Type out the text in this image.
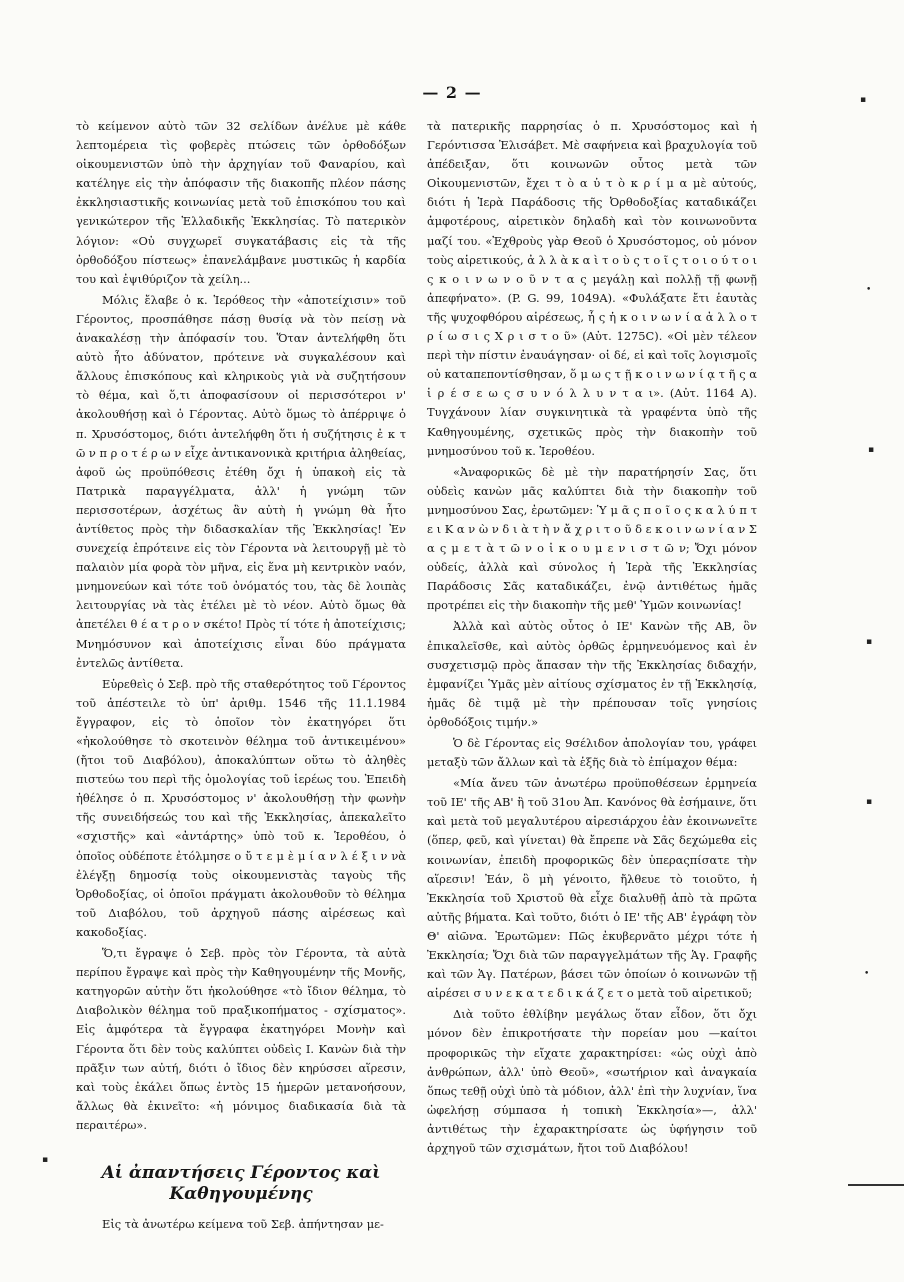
— 2 —

τὸ κείμενον αὐτὸ τῶν 32 σελίδων ἀνέλυε μὲ κάθε λεπτομέρεια τὶς φοβερὲς πτώσεις τῶν ὀρθοδόξων οἰκουμενιστῶν ὑπὸ τὴν ἀρχηγίαν τοῦ Φαναρίου, καὶ κατέληγε εἰς τὴν ἀπόφασιν τῆς διακοπῆς πλέον πάσης ἐκκλησιαστικῆς κοινωνίας μετὰ τοῦ ἐπισκόπου του καὶ γενικώτερον τῆς Ἑλλαδικῆς Ἐκκλησίας. Τὸ πατερικὸν λόγιον: «Οὐ συγχωρεῖ συγκατάβασις εἰς τὰ τῆς ὀρθοδόξου πίστεως» ἐπανελάμβανε μυστικῶς ἡ καρδία του καὶ ἐψιθύριζον τὰ χείλη...

Μόλις ἔλαβε ὁ κ. Ἱερόθεος τὴν «ἀποτείχισιν» τοῦ Γέροντος, προσπάθησε πάσῃ θυσίᾳ νὰ τὸν πείσῃ νὰ ἀνακαλέσῃ τὴν ἀπόφασίν του. Ὅταν ἀντελήφθη ὅτι αὐτὸ ἦτο ἀδύνατον, πρότεινε νὰ συγκαλέσουν καὶ ἄλλους ἐπισκόπους καὶ κληρικοὺς γιὰ νὰ συζητήσουν τὸ θέμα, καὶ ὅ,τι ἀποφασίσουν οἱ περισσότεροι ν' ἀκολουθήσῃ καὶ ὁ Γέροντας. Αὐτὸ ὅμως τὸ ἀπέρριψε ὁ π. Χρυσόστομος, διότι ἀντελήφθη ὅτι ἡ συζήτησις ἐ κ τ ῶ ν π ρ ο τ έ ρ ω ν εἶχε ἀντικανονικὰ κριτήρια ἀληθείας, ἀφοῦ ὡς προϋπόθεσις ἐτέθη ὄχι ἡ ὑπακοὴ εἰς τὰ Πατρικὰ παραγγέλματα, ἀλλ' ἡ γνώμη τῶν περισσοτέρων, ἀσχέτως ἂν αὐτὴ ἡ γνώμη θὰ ἦτο ἀντίθετος πρὸς τὴν διδασκαλίαν τῆς Ἐκκλησίας! Ἐν συνεχείᾳ ἐπρότεινε εἰς τὸν Γέροντα νὰ λειτουργῇ μὲ τὸ παλαιὸν μία φορὰ τὸν μῆνα, εἰς ἕνα μὴ κεντρικὸν ναόν, μνημονεύων καὶ τότε τοῦ ὀνόματός του, τὰς δὲ λοιπὰς λειτουργίας νὰ τὰς ἐτέλει μὲ τὸ νέον. Αὐτὸ ὅμως θὰ ἀπετέλει θ έ α τ ρ ο ν σκέτο! Πρὸς τί τότε ἡ ἀποτείχισις; Μνημόσυνον καὶ ἀποτείχισις εἶναι δύο πράγματα ἐντελῶς ἀντίθετα.

Εὑρεθεὶς ὁ Σεβ. πρὸ τῆς σταθερότητος τοῦ Γέροντος τοῦ ἀπέστειλε τὸ ὑπ' ἀριθμ. 1546 τῆς 11.1.1984 ἔγγραφον, εἰς τὸ ὁποῖον τὸν ἐκατηγόρει ὅτι «ἠκολούθησε τὸ σκοτεινὸν θέλημα τοῦ ἀντικειμένου» (ἤτοι τοῦ Διαβόλου), ἀποκαλύπτων οὕτω τὸ ἀληθὲς πιστεύω του περὶ τῆς ὁμολογίας τοῦ ἱερέως του. Ἐπειδὴ ἠθέλησε ὁ π. Χρυσόστομος ν' ἀκολουθήσῃ τὴν φωνὴν τῆς συνειδήσεώς του καὶ τῆς Ἐκκλησίας, ἀπεκαλεῖτο «σχιστῆς» καὶ «ἀντάρτης» ὑπὸ τοῦ κ. Ἱεροθέου, ὁ ὁποῖος οὐδέποτε ἐτόλμησε ο ὔ τ ε μ ὲ μ ί α ν λ έ ξ ι ν νὰ ἐλέγξῃ δημοσίᾳ τοὺς οἰκουμενιστὰς ταγοὺς τῆς Ὀρθοδοξίας, οἱ ὁποῖοι πράγματι ἀκολουθοῦν τὸ θέλημα τοῦ Διαβόλου, τοῦ ἀρχηγοῦ πάσης αἱρέσεως καὶ κακοδοξίας.

Ὅ,τι ἔγραψε ὁ Σεβ. πρὸς τὸν Γέροντα, τὰ αὐτὰ περίπου ἔγραψε καὶ πρὸς τὴν Καθηγουμένην τῆς Μονῆς, κατηγορῶν αὐτὴν ὅτι ἠκολούθησε «τὸ ἴδιον θέλημα, τὸ Διαβολικὸν θέλημα τοῦ πραξικοπήματος - σχίσματος». Εἰς ἀμφότερα τὰ ἔγγραφα ἐκατηγόρει Μονὴν καὶ Γέροντα ὅτι δὲν τοὺς καλύπτει οὐδεὶς Ι. Κανὼν διὰ τὴν πρᾶξιν των αὐτή, διότι ὁ ἴδιος δὲν κηρύσσει αἵρεσιν, καὶ τοὺς ἐκάλει ὅπως ἐντὸς 15 ἡμερῶν μετανοήσουν, ἄλλως θὰ ἐκινεῖτο: «ἡ μόνιμος διαδικασία διὰ τὰ περαιτέρω».

Αἱ ἀπαντήσεις Γέροντος καὶ
Καθηγουμένης

Εἰς τὰ ἀνωτέρω κείμενα τοῦ Σεβ. ἀπήντησαν με-

τὰ πατερικῆς παρρησίας ὁ π. Χρυσόστομος καὶ ἡ Γερόντισσα Ἐλισάβετ. Μὲ σαφήνεια καὶ βραχυλογία τοῦ ἀπέδειξαν, ὅτι κοινωνῶν οὗτος μετὰ τῶν Οἰκουμενιστῶν, ἔχει τ ὸ α ὐ τ ὸ κ ρ ί μ α μὲ αὐτούς, διότι ἡ Ἱερὰ Παράδοσις τῆς Ὀρθοδοξίας καταδικάζει ἀμφοτέρους, αἱρετικὸν δηλαδὴ καὶ τὸν κοινωνοῦντα μαζί του. «Ἐχθροὺς γὰρ Θεοῦ ὁ Χρυσόστομος, οὐ μόνον τοὺς αἱρετικούς, ἀ λ λ ὰ κ α ὶ τ ο ὺ ς τ ο ῖ ς τ ο ι ο ύ τ ο ι ς κ ο ι ν ω ν ο ῦ ν τ α ς μεγάλῃ καὶ πολλῇ τῇ φωνῇ ἀπεφήνατο». (P. G. 99, 1049A). «Φυλάξατε ἔτι ἑαυτὰς τῆς ψυχοφθόρου αἱρέσεως, ἧ ς ἡ κ ο ι ν ω ν ί α ἀ λ λ ο τ ρ ί ω σ ι ς Χ ρ ι σ τ ο ῦ» (Αὐτ. 1275C). «Οἱ μὲν τέλεον περὶ τὴν πίστιν ἐναυάγησαν· οἱ δέ, εἰ καὶ τοῖς λογισμοῖς οὐ καταπεποντίσθησαν, ὅ μ ω ς τ ῇ κ ο ι ν ω ν ί ᾳ τ ῆ ς α ἱ ρ έ σ ε ω ς σ υ ν ό λ λ υ ν τ α ι». (Αὐτ. 1164 Α). Τυγχάνουν λίαν συγκινητικὰ τὰ γραφέντα ὑπὸ τῆς Καθηγουμένης, σχετικῶς πρὸς τὴν διακοπὴν τοῦ μνημοσύνου τοῦ κ. Ἱεροθέου.

«Ἀναφορικῶς δὲ μὲ τὴν παρατήρησίν Σας, ὅτι οὐδεὶς κανὼν μᾶς καλύπτει διὰ τὴν διακοπὴν τοῦ μνημοσύνου Σας, ἐρωτῶμεν: Ὑ μ ᾶ ς π ο ῖ ο ς κ α λ ύ π τ ε ι Κ α ν ὼ ν δ ι ὰ τ ὴ ν ἄ χ ρ ι τ ο ῦ δ ε κ ο ι ν ω ν ί α ν Σ α ς μ ε τ ὰ τ ῶ ν ο ἰ κ ο υ μ ε ν ι σ τ ῶ ν; Ὄχι μόνον οὐδείς, ἀλλὰ καὶ σύνολος ἡ Ἱερὰ τῆς Ἐκκλησίας Παράδοσις Σᾶς καταδικάζει, ἐνῷ ἀντιθέτως ἡμᾶς προτρέπει εἰς τὴν διακοπὴν τῆς μεθ' Ὑμῶν κοινωνίας!

Ἀλλὰ καὶ αὐτὸς οὗτος ὁ ΙΕ' Κανὼν τῆς ΑΒ, ὃν ἐπικαλεῖσθε, καὶ αὐτὸς ὀρθῶς ἑρμηνευόμενος καὶ ἐν συσχετισμῷ πρὸς ἅπασαν τὴν τῆς Ἐκκλησίας διδαχήν, ἐμφανίζει Ὑμᾶς μὲν αἰτίους σχίσματος ἐν τῇ Ἐκκλησίᾳ, ἡμᾶς δὲ τιμᾷ μὲ τὴν πρέπουσαν τοῖς γνησίοις ὀρθοδόξοις τιμήν.»

Ὁ δὲ Γέροντας εἰς 9σέλιδον ἀπολογίαν του, γράφει μεταξὺ τῶν ἄλλων καὶ τὰ ἑξῆς διὰ τὸ ἐπίμαχον θέμα:

«Μία ἄνευ τῶν ἀνωτέρω προϋποθέσεων ἑρμηνεία τοῦ ΙΕ' τῆς ΑΒ' ἢ τοῦ 31ου Ἀπ. Κανόνος θὰ ἐσήμαινε, ὅτι καὶ μετὰ τοῦ μεγαλυτέρου αἱρεσιάρχου ἐὰν ἐκοινωνεῖτε (ὅπερ, φεῦ, καὶ γίνεται) θὰ ἔπρεπε νὰ Σᾶς δεχώμεθα εἰς κοινωνίαν, ἐπειδὴ προφορικῶς δὲν ὑπεραςπίσατε τὴν αἵρεσιν! Ἐάν, ὃ μὴ γένοιτο, ἤλθευε τὸ τοιοῦτο, ἡ Ἐκκλησία τοῦ Χριστοῦ θὰ εἶχε διαλυθῇ ἀπὸ τὰ πρῶτα αὐτῆς βήματα. Καὶ τοῦτο, διότι ὁ ΙΕ' τῆς ΑΒ' ἐγράφη τὸν Θ' αἰῶνα. Ἐρωτῶμεν: Πῶς ἐκυβερνᾶτο μέχρι τότε ἡ Ἐκκλησία; Ὄχι διὰ τῶν παραγγελμάτων τῆς Ἁγ. Γραφῆς καὶ τῶν Ἁγ. Πατέρων, βάσει τῶν ὁποίων ὁ κοινωνῶν τῇ αἱρέσει σ υ ν ε κ α τ ε δ ι κ ά ζ ε τ ο μετὰ τοῦ αἱρετικοῦ;

Διὰ τοῦτο ἐθλίβην μεγάλως ὅταν εἶδον, ὅτι ὄχι μόνον δὲν ἐπικροτήσατε τὴν πορείαν μου —καίτοι προφορικῶς τὴν εἴχατε χαρακτηρίσει: «ὡς οὐχὶ ἀπὸ ἀνθρώπων, ἀλλ' ὑπὸ Θεοῦ», «σωτήριον καὶ ἀναγκαία ὅπως τεθῇ οὐχὶ ὑπὸ τὰ μόδιον, ἀλλ' ἐπὶ τὴν λυχνίαν, ἵνα ὠφελήσῃ σύμπασα ἡ τοπικὴ Ἐκκλησία»—, ἀλλ' ἀντιθέτως τὴν ἐχαρακτηρίσατε ὡς ὑφήγησιν τοῦ ἀρχηγοῦ τῶν σχισμάτων, ἤτοι τοῦ Διαβόλου!

▪
•
▪
▪
▪
•
▪
